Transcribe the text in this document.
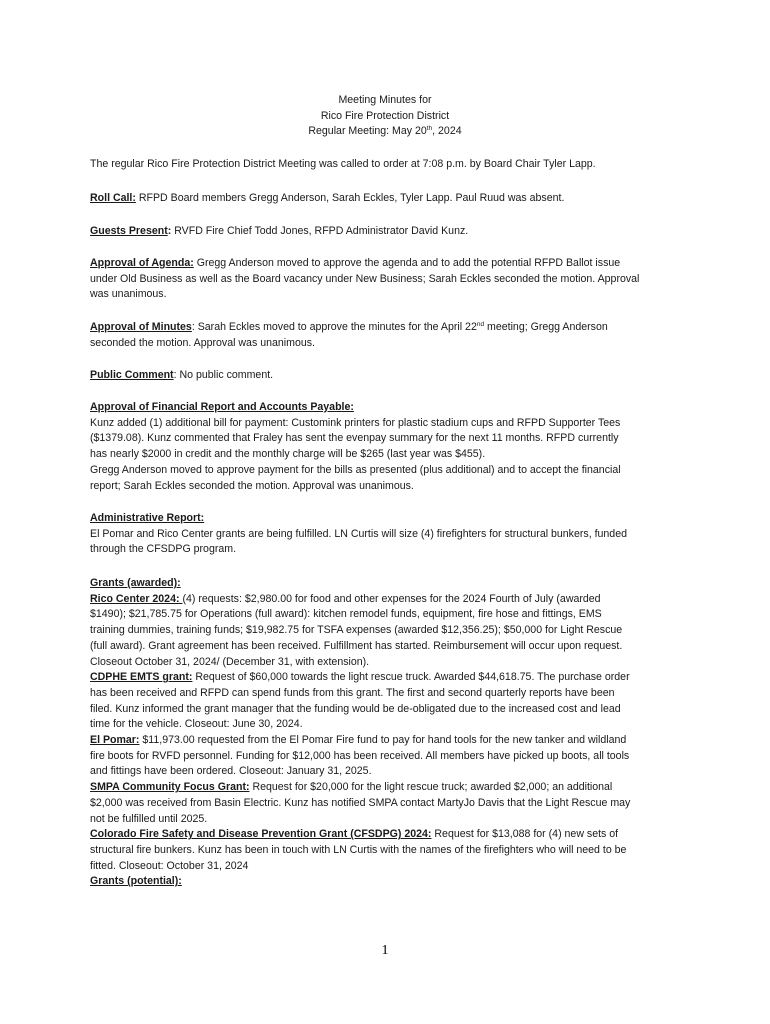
Meeting Minutes for
Rico Fire Protection District
Regular Meeting: May 20th, 2024
The regular Rico Fire Protection District Meeting was called to order at 7:08 p.m. by Board Chair Tyler Lapp.
Roll Call: RFPD Board members Gregg Anderson, Sarah Eckles, Tyler Lapp. Paul Ruud was absent.
Guests Present: RVFD Fire Chief Todd Jones, RFPD Administrator David Kunz.
Approval of Agenda: Gregg Anderson moved to approve the agenda and to add the potential RFPD Ballot issue
under Old Business as well as the Board vacancy under New Business; Sarah Eckles seconded the motion. Approval
was unanimous.
Approval of Minutes: Sarah Eckles moved to approve the minutes for the April 22nd meeting; Gregg Anderson
seconded the motion. Approval was unanimous.
Public Comment: No public comment.
Approval of Financial Report and Accounts Payable:
Kunz added (1) additional bill for payment: Customink printers for plastic stadium cups and RFPD Supporter Tees
($1379.08). Kunz commented that Fraley has sent the evenpay summary for the next 11 months. RFPD currently
has nearly $2000 in credit and the monthly charge will be $265 (last year was $455).
Gregg Anderson moved to approve payment for the bills as presented (plus additional) and to accept the financial
report; Sarah Eckles seconded the motion. Approval was unanimous.
Administrative Report:
El Pomar and Rico Center grants are being fulfilled. LN Curtis will size (4) firefighters for structural bunkers, funded
through the CFSDPG program.
Grants (awarded):
Rico Center 2024: (4) requests: $2,980.00 for food and other expenses for the 2024 Fourth of July (awarded
$1490); $21,785.75 for Operations (full award): kitchen remodel funds, equipment, fire hose and fittings, EMS
training dummies, training funds; $19,982.75 for TSFA expenses (awarded $12,356.25); $50,000 for Light Rescue
(full award). Grant agreement has been received. Fulfillment has started. Reimbursement will occur upon request.
Closeout October 31, 2024/ (December 31, with extension).
CDPHE EMTS grant: Request of $60,000 towards the light rescue truck. Awarded $44,618.75. The purchase order
has been received and RFPD can spend funds from this grant. The first and second quarterly reports have been
filed. Kunz informed the grant manager that the funding would be de-obligated due to the increased cost and lead
time for the vehicle. Closeout: June 30, 2024.
El Pomar: $11,973.00 requested from the El Pomar Fire fund to pay for hand tools for the new tanker and wildland
fire boots for RVFD personnel. Funding for $12,000 has been received. All members have picked up boots, all tools
and fittings have been ordered. Closeout: January 31, 2025.
SMPA Community Focus Grant: Request for $20,000 for the light rescue truck; awarded $2,000; an additional
$2,000 was received from Basin Electric. Kunz has notified SMPA contact MartyJo Davis that the Light Rescue may
not be fulfilled until 2025.
Colorado Fire Safety and Disease Prevention Grant (CFSDPG) 2024: Request for $13,088 for (4) new sets of
structural fire bunkers. Kunz has been in touch with LN Curtis with the names of the firefighters who will need to be
fitted. Closeout: October 31, 2024
Grants (potential):
1
